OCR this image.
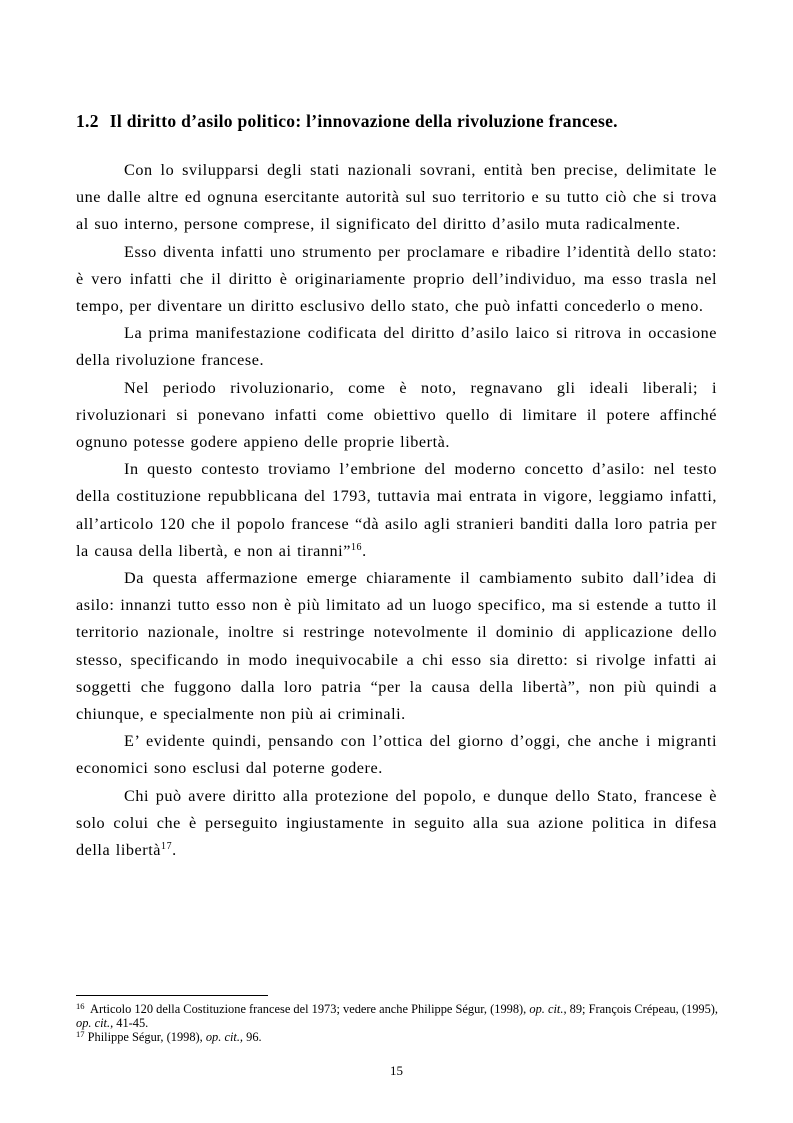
1.2 Il diritto d’asilo politico: l’innovazione della rivoluzione francese.

Con lo svilupparsi degli stati nazionali sovrani, entità ben precise, delimitate le une dalle altre ed ognuna esercitante autorità sul suo territorio e su tutto ciò che si trova al suo interno, persone comprese, il significato del diritto d’asilo muta radicalmente.

Esso diventa infatti uno strumento per proclamare e ribadire l’identità dello stato: è vero infatti che il diritto è originariamente proprio dell’individuo, ma esso trasla nel tempo, per diventare un diritto esclusivo dello stato, che può infatti concederlo o meno.

La prima manifestazione codificata del diritto d’asilo laico si ritrova in occasione della rivoluzione francese.

Nel periodo rivoluzionario, come è noto, regnavano gli ideali liberali; i rivoluzionari si ponevano infatti come obiettivo quello di limitare il potere affinché ognuno potesse godere appieno delle proprie libertà.

In questo contesto troviamo l’embrione del moderno concetto d’asilo: nel testo della costituzione repubblicana del 1793, tuttavia mai entrata in vigore, leggiamo infatti, all’articolo 120 che il popolo francese “dà asilo agli stranieri banditi dalla loro patria per la causa della libertà, e non ai tiranni”$^{16}$.

Da questa affermazione emerge chiaramente il cambiamento subito dall’idea di asilo: innanzi tutto esso non è più limitato ad un luogo specifico, ma si estende a tutto il territorio nazionale, inoltre si restringe notevolmente il dominio di applicazione dello stesso, specificando in modo inequivocabile a chi esso sia diretto: si rivolge infatti ai soggetti che fuggono dalla loro patria “per la causa della libertà”, non più quindi a chiunque, e specialmente non più ai criminali.

E’ evidente quindi, pensando con l’ottica del giorno d’oggi, che anche i migranti economici sono esclusi dal poterne godere.

Chi può avere diritto alla protezione del popolo, e dunque dello Stato, francese è solo colui che è perseguito ingiustamente in seguito alla sua azione politica in difesa della libertà$^{17}$.

$^{16}$ Articolo 120 della Costituzione francese del 1973; vedere anche Philippe Ségur, (1998), op. cit., 89; François Crépeau, (1995), op. cit., 41-45.

$^{17}$ Philippe Ségur, (1998), op. cit., 96.

15
